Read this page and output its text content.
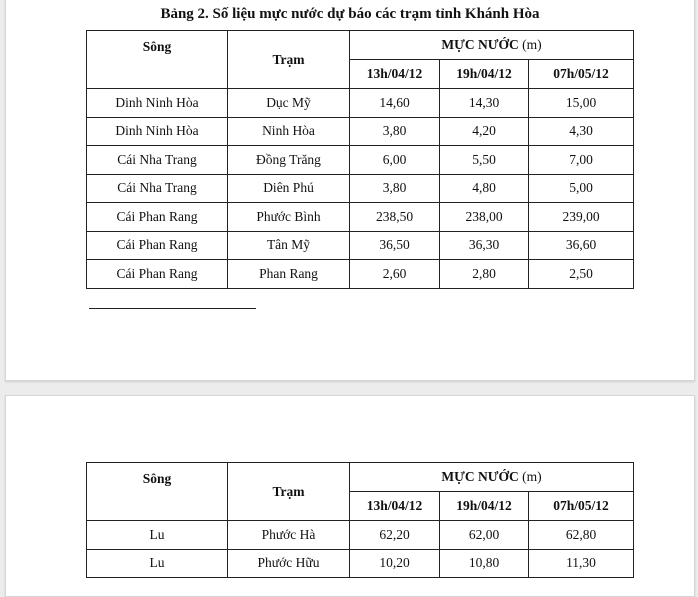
Bảng 2. Số liệu mực nước dự báo các trạm tỉnh Khánh Hòa
Sông	Trạm	MỰC NƯỚC (m)		
		13h/04/12	19h/04/12	07h/05/12
Dinh Ninh Hòa	Dục Mỹ	14,60	14,30	15,00
Dinh Ninh Hòa	Ninh Hòa	3,80	4,20	4,30
Cái Nha Trang	Đồng Trăng	6,00	5,50	7,00
Cái Nha Trang	Diên Phú	3,80	4,80	5,00
Cái Phan Rang	Phước Bình	238,50	238,00	239,00
Cái Phan Rang	Tân Mỹ	36,50	36,30	36,60
Cái Phan Rang	Phan Rang	2,60	2,80	2,50
Sông	Trạm	MỰC NƯỚC (m)		
		13h/04/12	19h/04/12	07h/05/12
Lu	Phước Hà	62,20	62,00	62,80
Lu	Phước Hữu	10,20	10,80	11,30
